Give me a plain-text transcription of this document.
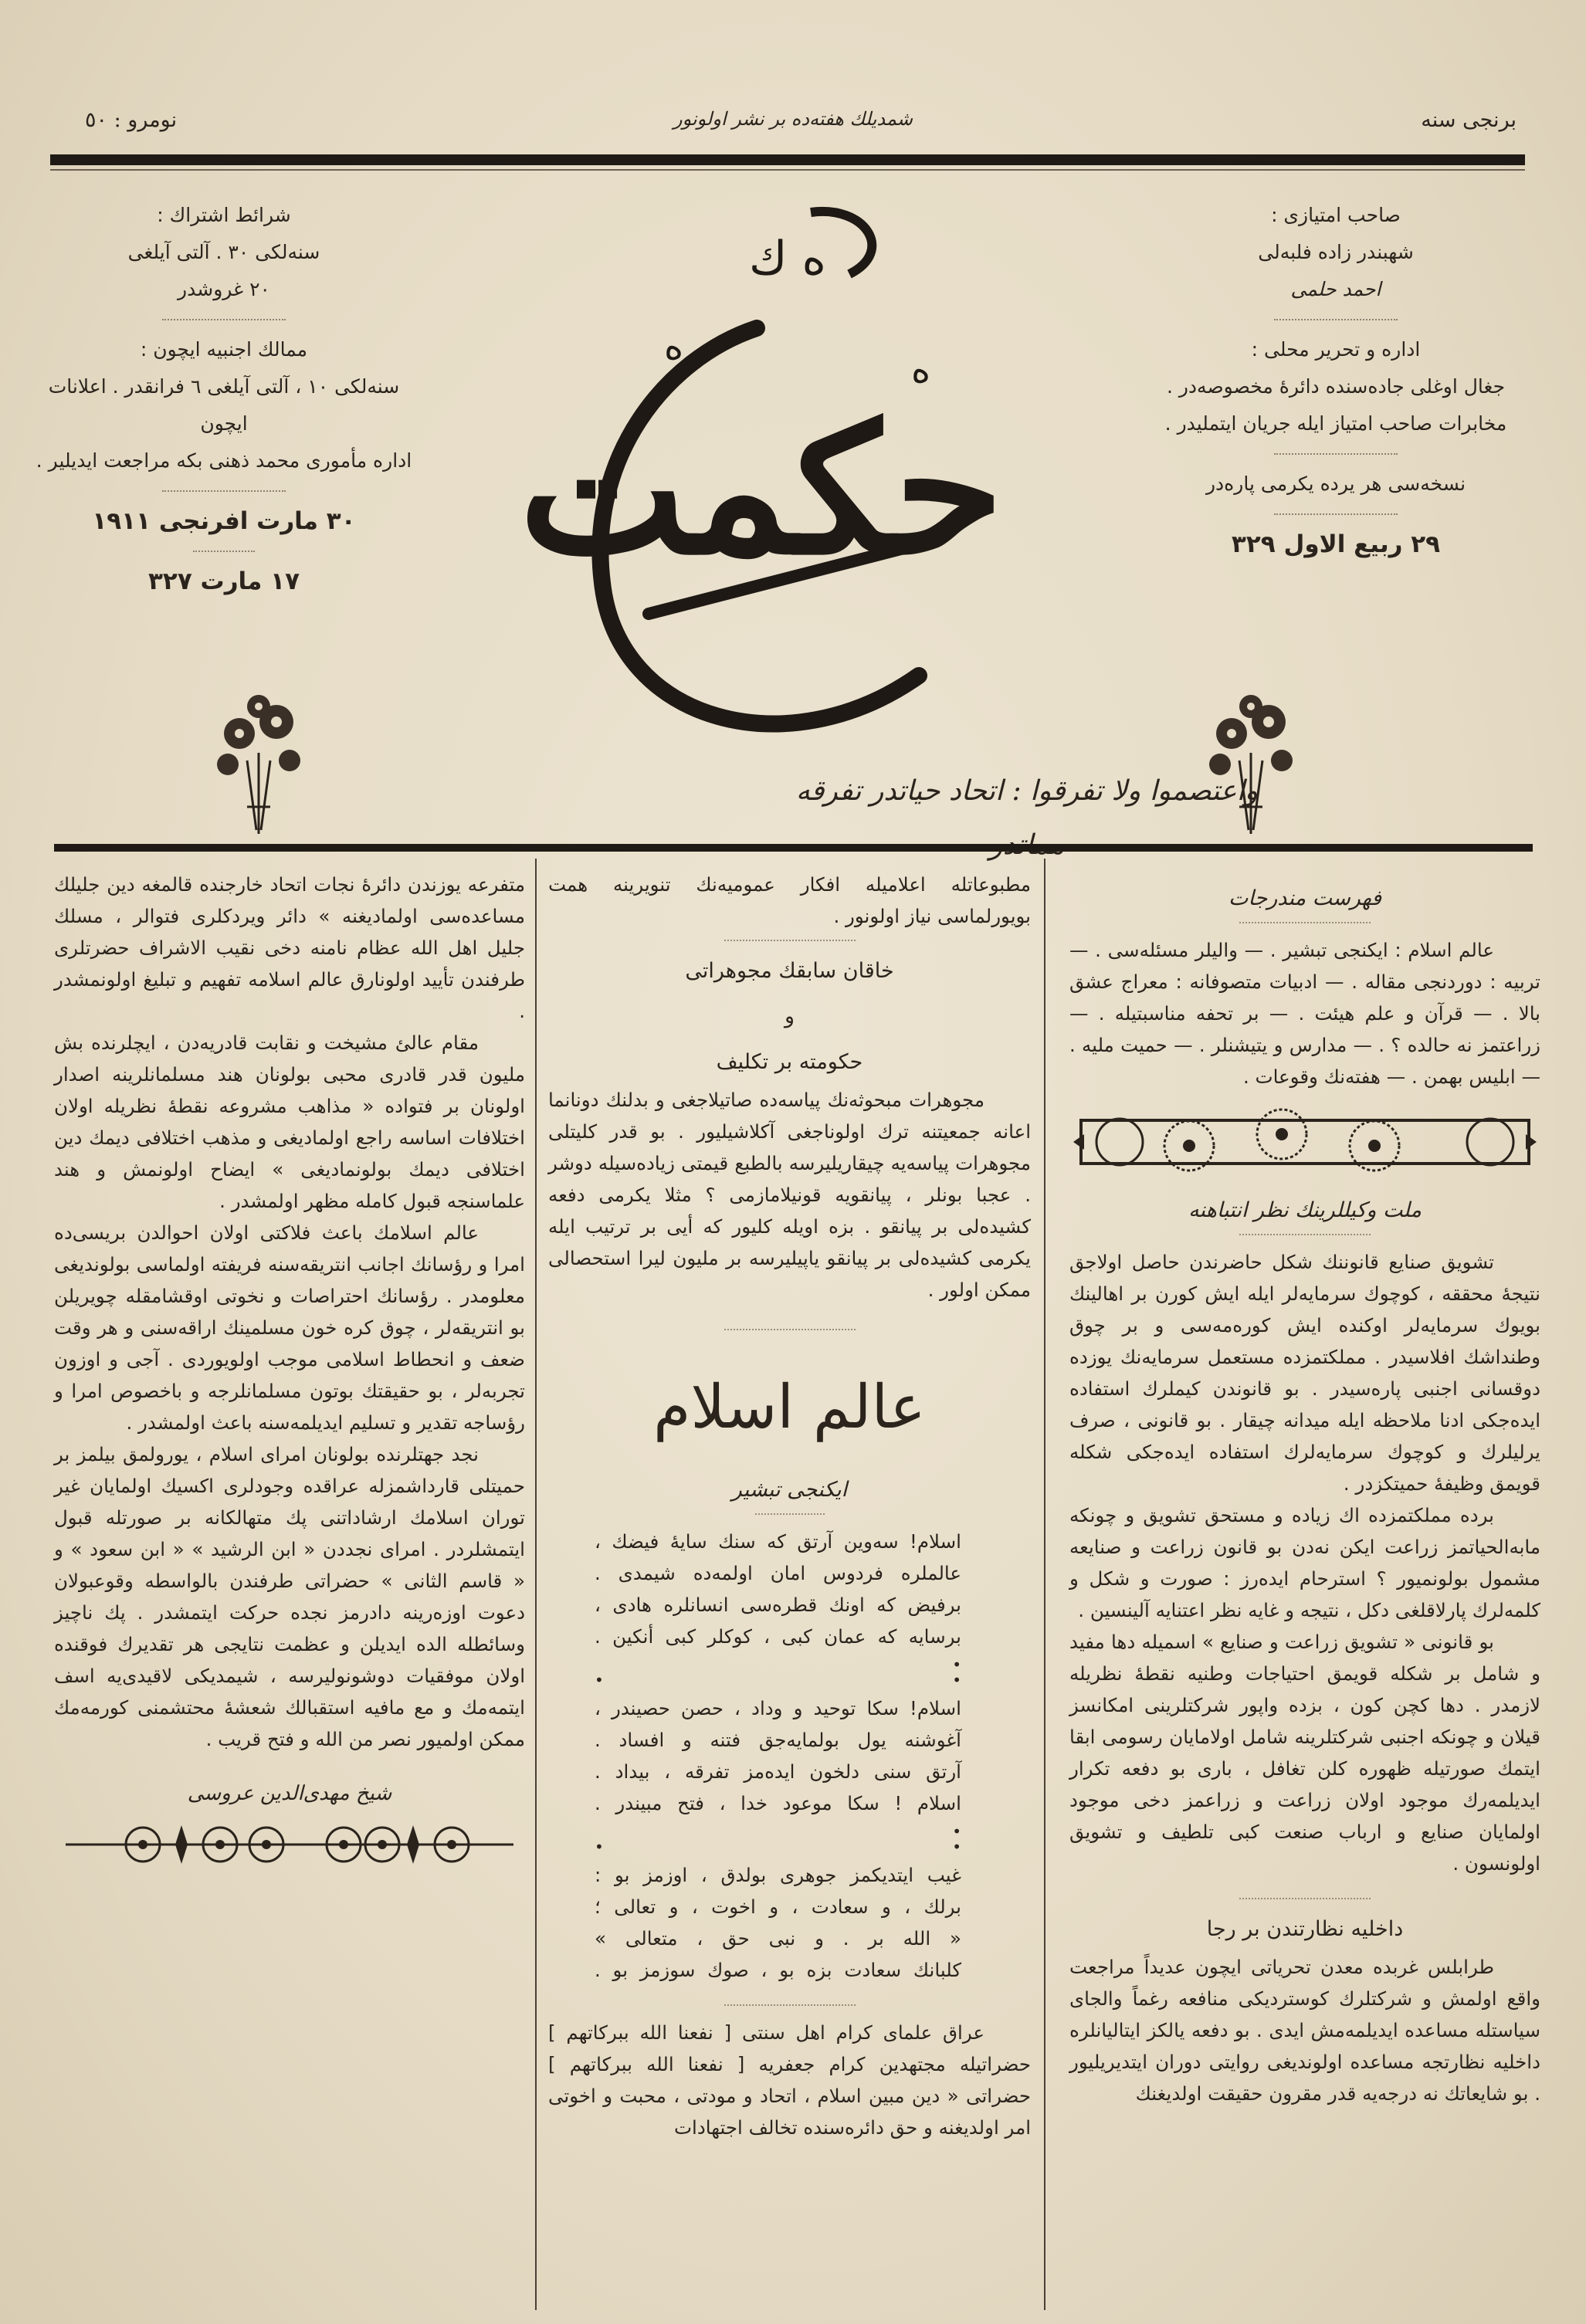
برنجی سنه
شمدیلك هفته‌ده بر نشر اولونور
نومرو : ٥٠
صاحب امتیازی :
شهبندر زاده فلبه‌لی
احمد حلمی
اداره و تحریر محلی :
جغال اوغلی جاده‌سنده دائرهٔ مخصوصه‌در .
مخابرات صاحب امتیاز ایله جریان ایتملیدر .
نسخه‌سی هر یرده یكرمی پاره‌در
٢٩ ربیع الاول ٣٢٩
شرائط اشتراك :
سنه‌لكی ٣٠ . آلتی آیلغی
٢٠ غروشدر
ممالك اجنبیه ایچون :
سنه‌لكی ١٠ ، آلتی آیلغی ٦ فرانقدر . اعلانات ایچون
اداره مأموری محمد ذهنی بكه مراجعت ایدیلیر .
٣٠ مارت افرنجی ١٩١١
١٧ مارت ٣٢٧
ه ك
ه
ه
حكمت
واعتصموا ولا تفرقوا : اتحاد حیاتدر تفرقه
فهرست مندرجات

عالم اسلام : ایكنجی تبشیر . — والیلر مسئله‌سی . — تربیه : دوردنجی مقاله . — ادبیات متصوفانه : معراج عشق بالا . — قرآن و علم هیئت . — بر تحفه مناسبتیله . — زراعتمز نه حالده ؟ . — مدارس و یتیشنلر . — حمیت ملیه . — ابلیس بهمن . — هفته‌نك وقوعات .

ملت وكیللرینك نظر انتباهنه

تشویق صنایع قانوننك شكل حاضرندن حاصل اولاجق نتیجهٔ محققه ، كوچوك سرمایه‌لر ایله ایش كورن بر اهالینك بویوك سرمایه‌لر اوكنده ایش كوره‌مه‌سی و بر چوق وطنداشك افلاسیدر . مملكتمزده مستعمل سرمایه‌نك یوزده دوقسانی اجنبی پاره‌سیدر . بو قانوندن كیملرك استفاده ایده‌جكی ادنا ملاحظه ایله میدانه چیقار . بو قانونی ، صرف یرلیلرك و كوچوك سرمایه‌لرك استفاده ایده‌جكی شكله قویمق وظیفهٔ حمیتكزدر .

برده مملكتمزده اك زیاده و مستحق تشویق و چونكه مابه‌الحیاتمز زراعت ایكن نه‌دن بو قانون زراعت و صنایعه مشمول بولونمیور ؟ استرحام ایده‌رز : صورت و شكل و كلمه‌لرك پارلاقلغی دكل ، نتیجه و غایه نظر اعتنایه آلینسین .

بو قانونی « تشویق زراعت و صنایع » اسمیله دها مفید و شامل بر شكله قویمق احتیاجات وطنیه نقطهٔ نظریله لازمدر . دها كچن كون ، بزده واپور شركتلرینی امكانسز قیلان و چونكه اجنبی شركتلرینه شامل اولامایان رسومی ابقا ایتمك صورتیله ظهوره كلن تغافل ، باری بو دفعه تكرار ایدیلمه‌رك موجود اولان زراعت و زراعمز دخی موجود اولمایان صنایع و ارباب صنعت كبی تلطیف و تشویق اولونسون .

داخلیه نظارتندن بر رجا

طرابلس غربده معدن تحریاتی ایچون عدیداً مراجعت واقع اولمش و شركتلرك كوستردیكی منافعه رغماً والجای سیاستله مساعده ایدیلمه‌مش ایدی . بو دفعه یالكز ایتالیانلره داخلیه نظارتجه مساعده اولوندیغی روایتی دوران ایتدیریلیور . بو شایعاتك نه درجه‌یه قدر مقرون حقیقت اولدیغنك

مطبوعاتله اعلامیله افكار عمومیه‌نك تنویرینه همت بویورلماسی نیاز اولونور .

خاقان سابقك مجوهراتی
و
حكومته بر تكلیف

مجوهرات مبحوثه‌نك پیاسه‌ده صاتیلاجغی و بدلنك دونانما اعانه جمعیتنه ترك اولوناجغی آكلاشیلیور . بو قدر كلیتلی مجوهرات پیاسه‌یه چیقاریلیرسه بالطبع قیمتی زیاده‌سیله دوشر . عجبا بونلر ، پیانقویه قونیلامازمی ؟ مثلا یكرمی دفعه كشیده‌لی بر پیانقو . بزه اویله كلیور كه أیی بر ترتیب ایله یكرمی كشیده‌لی بر پیانقو یاپیلیرسه بر ملیون لیرا استحصالی ممكن اولور .

عالم اسلام
ایكنجی تبشیر
اسلام! سه‌وین آرتق كه سنك سایهٔ فیضك ،
عالملره فردوس امان اولمه‌ده شیمدی .
برفیض كه اونك قطره‌سی انسانلره هادی ،
برسایه كه عمان كبی ، كوكلر كبی أنكین .
•
• •
اسلام! سكا توحید و وداد ، حصن حصیندر ،
آغوشنه یول بولمایه‌جق فتنه و افساد .
آرتق سنی دلخون ایده‌مز تفرقه ، بیداد .
اسلام ! سكا موعود خدا ، فتح مبیندر .
•
• •
غیب ایتدیكمز جوهری بولدق ، اوزمز بو :
برلك ، و سعادت ، و اخوت ، و تعالی ؛
« الله بر . و نبی حق ، متعالی »
كلبانك سعادت بزه بو ، صوك سوزمز بو .

عراق علمای كرام اهل سنتی [ نفعنا الله ببركاتهم ] حضراتیله مجتهدین كرام جعفریه [ نفعنا الله ببركاتهم ] حضراتی « دین مبین اسلام ، اتحاد و مودتی ، محبت و اخوتی امر اولدیغنه و حق دائره‌سنده تخالف اجتهادات

متفرعه یوزندن دائرهٔ نجات اتحاد خارجنده قالمغه دین جلیلك مساعده‌سی اولمادیغنه » دائر ویردكلری فتوالر ، مسلك جلیل اهل الله عظام نامنه دخی نقیب الاشراف حضرتلری طرفندن تأیید اولونارق عالم اسلامه تفهیم و تبلیغ اولونمشدر .

مقام عالئ مشیخت و نقابت قادریه‌دن ، ایچلرنده بش ملیون قدر قادری محبی بولونان هند مسلمانلرینه اصدار اولونان بر فتواده « مذاهب مشروعه نقطهٔ نظریله اولان اختلافات اساسه راجع اولمادیغی و مذهب اختلافی دیمك دین اختلافی دیمك بولونمادیغی » ایضاح اولونمش و هند علماسنجه قبول كامله مظهر اولمشدر .

عالم اسلامك باعث فلاكتی اولان احوالدن بریسی‌ده امرا و رؤسانك اجانب انتریقه‌سنه فریفته اولماسی بولوندیغی معلومدر . رؤسانك احتراصات و نخوتی اوقشامقله چویریلن بو انتریقه‌لر ، چوق كره خون مسلمینك اراقه‌سنی و هر وقت ضعف و انحطاط اسلامی موجب اولویوردی . آجی و اوزون تجربه‌لر ، بو حقیقتك بوتون مسلمانلرجه و باخصوص امرا و رؤساجه تقدیر و تسلیم ایدیلمه‌سنه باعث اولمشدر .

نجد جهتلرنده بولونان امرای اسلام ، یورولمق بیلمز بر حمیتلی قارداشمزله عراقده وجودلری اكسیك اولمایان غیر توران اسلامك ارشاداتنی پك متهالكانه بر صورتله قبول ایتمشلردر . امرای نجددن « ابن الرشید » « ابن سعود » و « قاسم الثانی » حضراتی طرفندن بالواسطه وقوعبولان دعوت اوزه‌رینه دادرمز نجده حركت ایتمشدر . پك ناچیز وسائطله الده ایدیلن و عظمت نتایجی هر تقدیرك فوقنده اولان موفقیات دوشونولیرسه ، شیمدیكی لاقیدی‌یه اسف ایتمه‌مك و مع مافیه استقبالك شعشهٔ محتشمنی كورمه‌مك ممكن اولمیور نصر من الله و فتح قریب .

شیخ مهدی‌الدین عروسی
